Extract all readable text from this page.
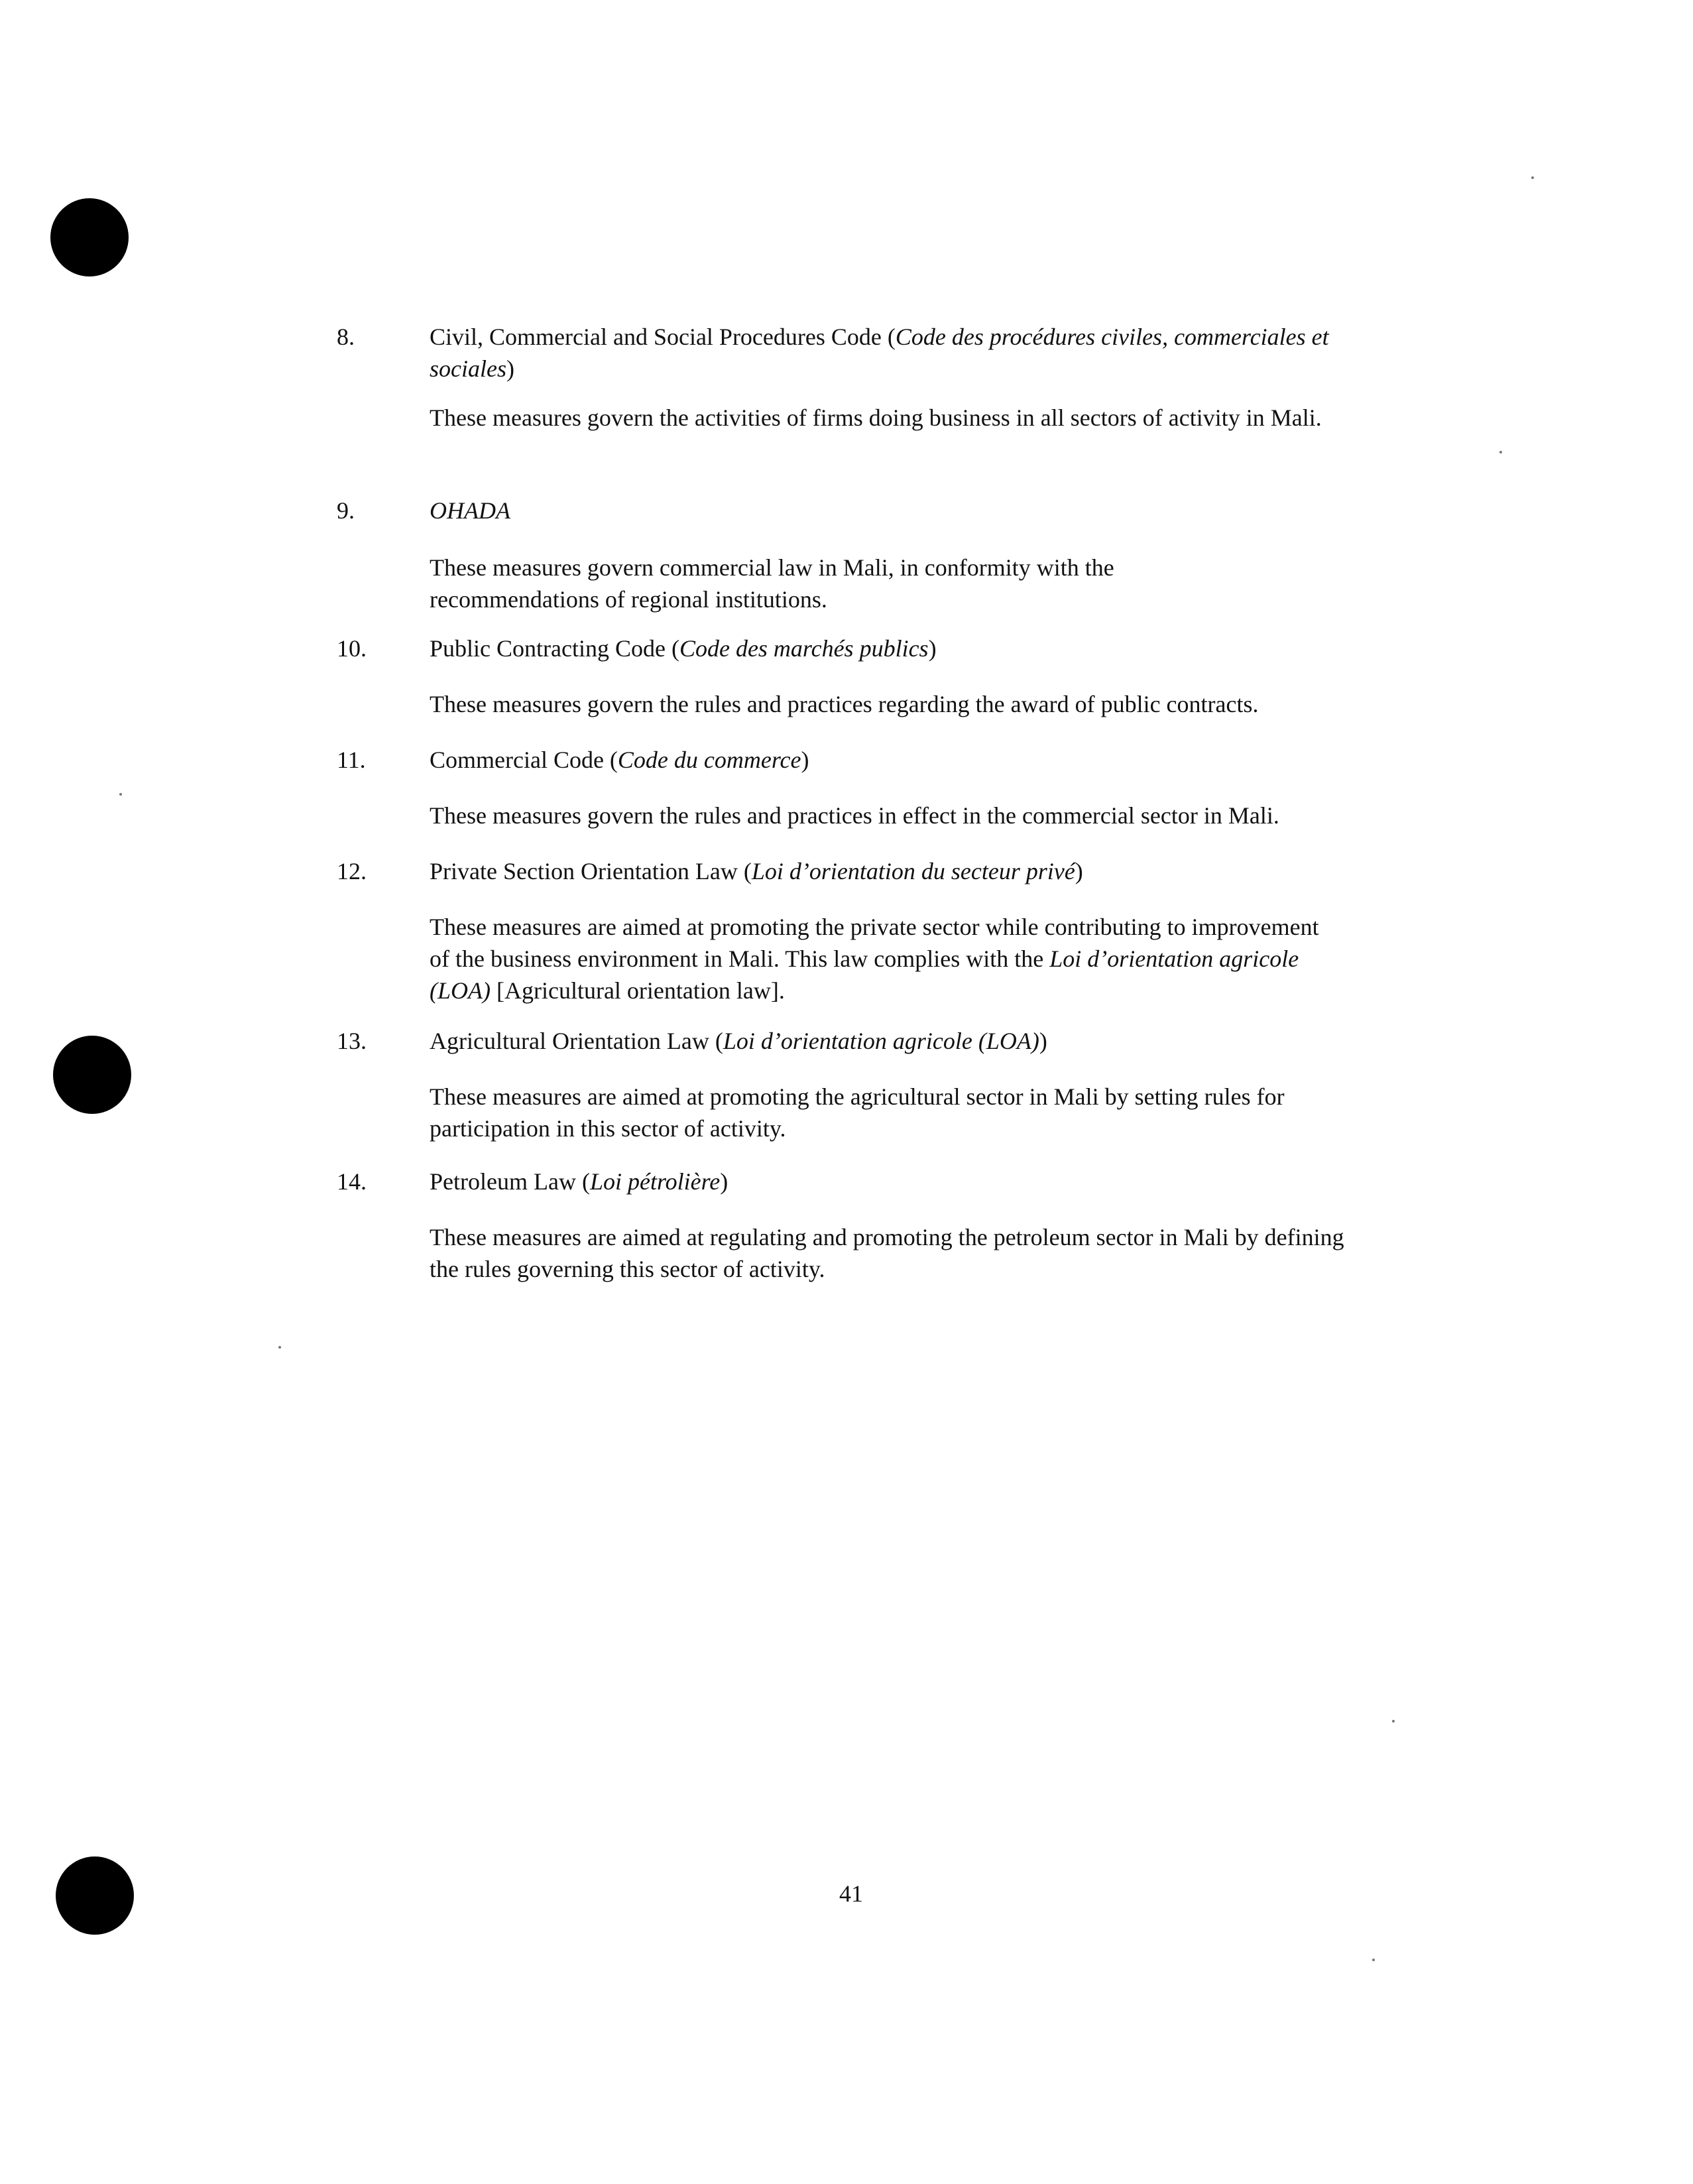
8.	Civil, Commercial and Social Procedures Code (Code des procédures civiles, commerciales et sociales)
These measures govern the activities of firms doing business in all sectors of activity in Mali.
9.	OHADA
These measures govern commercial law in Mali, in conformity with the recommendations of regional institutions.
10.	Public Contracting Code (Code des marchés publics)
These measures govern the rules and practices regarding the award of public contracts.
11.	Commercial Code (Code du commerce)
These measures govern the rules and practices in effect in the commercial sector in Mali.
12.	Private Section Orientation Law (Loi d’orientation du secteur privé)
These measures are aimed at promoting the private sector while contributing to improvement of the business environment in Mali. This law complies with the Loi d’orientation agricole (LOA) [Agricultural orientation law].
13.	Agricultural Orientation Law (Loi d’orientation agricole (LOA))
These measures are aimed at promoting the agricultural sector in Mali by setting rules for participation in this sector of activity.
14.	Petroleum Law (Loi pétrolière)
These measures are aimed at regulating and promoting the petroleum sector in Mali by defining the rules governing this sector of activity.
41
